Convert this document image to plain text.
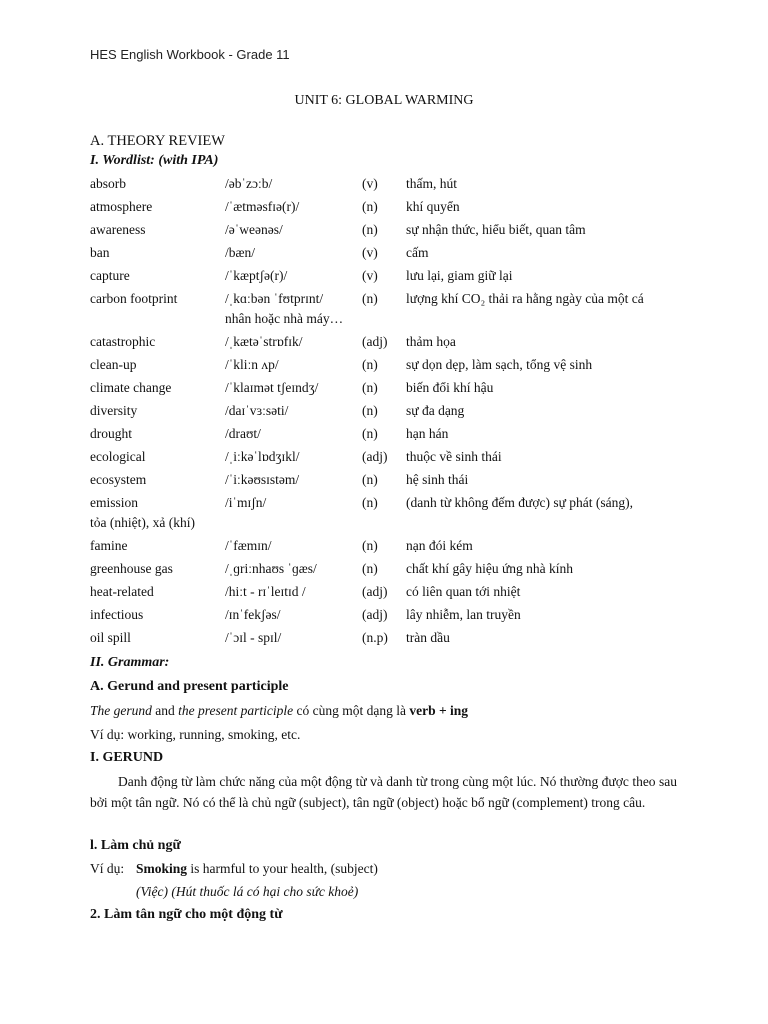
HES English Workbook - Grade 11
UNIT 6: GLOBAL WARMING
A. THEORY REVIEW
I. Wordlist: (with IPA)
absorb	/əbˈzɔːb/	(v) thấm, hút
atmosphere	/ˈætməsfɪə(r)/	(n) khí quyển
awareness	/əˈweənəs/	(n) sự nhận thức, hiểu biết, quan tâm
ban	/bæn/	(v) cấm
capture	/ˈkæptʃə(r)/	(v) lưu lại, giam giữ lại
carbon footprint	/ˌkɑːbən ˈfʊtprɪnt/	(n) lượng khí CO₂ thải ra hằng ngày của một cá
nhân hoặc nhà máy…
catastrophic	/ˌkætəˈstrɒfɪk/	(adj) thảm họa
clean-up	/ˈkliːn ʌp/	(n) sự dọn dẹp, làm sạch, tổng vệ sinh
climate change	/ˈklaɪmət tʃeɪndʒ/	(n) biến đổi khí hậu
diversity	/daɪˈvɜːsəti/	(n) sự đa dạng
drought	/draʊt/	(n) hạn hán
ecological	/ˌiːkəˈlɒdʒɪkl/	(adj) thuộc về sinh thái
ecosystem	/ˈiːkəʊsɪstəm/	(n) hệ sinh thái
emission	/iˈmɪʃn/	(n) (danh từ không đếm được) sự phát (sáng),
tỏa (nhiệt), xả (khí)
famine	/ˈfæmɪn/	(n) nạn đói kém
greenhouse gas	/ˌɡriːnhaʊs ˈɡæs/	(n) chất khí gây hiệu ứng nhà kính
heat-related	/hiːt - rɪˈleɪtɪd /	(adj) có liên quan tới nhiệt
infectious	/ɪnˈfekʃəs/	(adj) lây nhiễm, lan truyền
oil spill	/ˈɔɪl - spɪl/	(n.p) tràn dầu
II. Grammar:
A. Gerund and present participle
The gerund and the present participle có cùng một dạng là verb + ing
Ví dụ: working, running, smoking, etc.
I. GERUND
Danh động từ làm chức năng của một động từ và danh từ trong cùng một lúc. Nó thường được theo sau bởi một tân ngữ. Nó có thể là chủ ngữ (subject), tân ngữ (object) hoặc bổ ngữ (complement) trong câu.
l. Làm chủ ngữ
Ví dụ: Smoking is harmful to your health, (subject)
(Việc) (Hút thuốc lá có hại cho sức khoẻ)
2. Làm tân ngữ cho một động từ
